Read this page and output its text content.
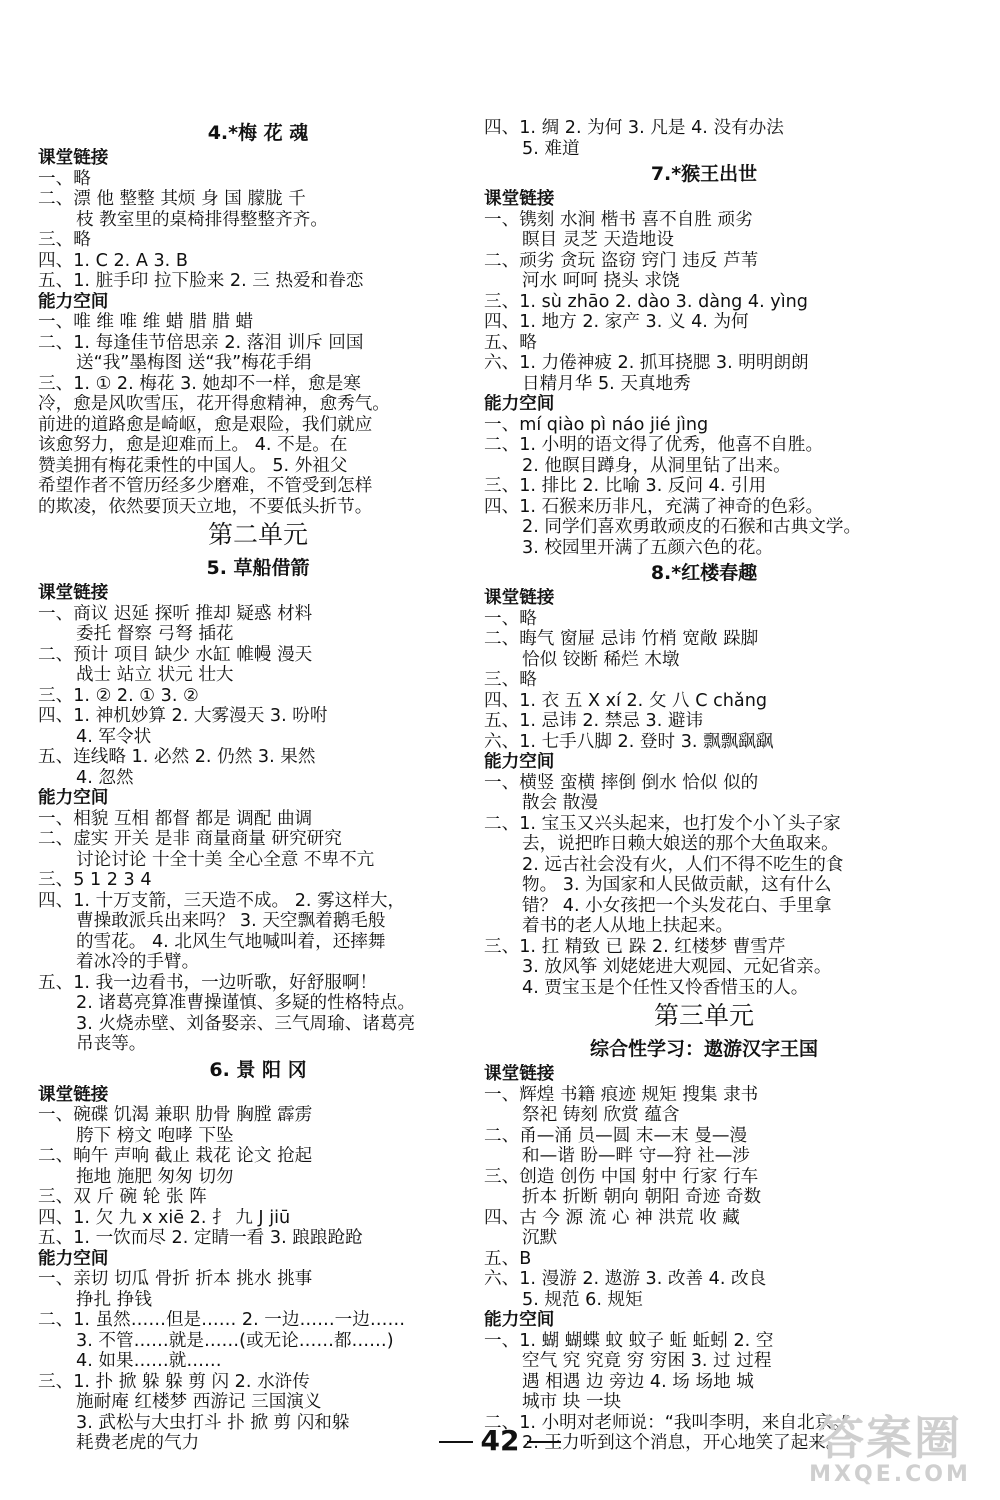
4.*梅 花 魂
课堂链接
一、略
二、漂 他 整整 其烦 身 国 朦胧 千
枝 教室里的桌椅排得整整齐齐。
三、略
四、1. C 2. A 3. B
五、1. 脏手印 拉下脸来 2. 三 热爱和眷恋
能力空间
一、唯 维 唯 维 蜡 腊 腊 蜡
二、1. 每逢佳节倍思亲 2. 落泪 训斥 回国
送“我”墨梅图 送“我”梅花手绢
三、1. ① 2. 梅花 3. 她却不一样，愈是寒
冷，愈是风吹雪压，花开得愈精神，愈秀气。
前进的道路愈是崎岖，愈是艰险，我们就应
该愈努力，愈是迎难而上。 4. 不是。在
赞美拥有梅花秉性的中国人。 5. 外祖父
希望作者不管历经多少磨难，不管受到怎样
的欺凌，依然要顶天立地，不要低头折节。
第二单元
5. 草船借箭
课堂链接
一、商议 迟延 探听 推却 疑惑 材料
委托 督察 弓弩 插花
二、预计 项目 缺少 水缸 帷幔 漫天
战士 站立 状元 壮大
三、1. ② 2. ① 3. ②
四、1. 神机妙算 2. 大雾漫天 3. 吩咐
4. 军令状
五、连线略 1. 必然 2. 仍然 3. 果然
4. 忽然
能力空间
一、相貌 互相 都督 都是 调配 曲调
二、虚实 开关 是非 商量商量 研究研究
讨论讨论 十全十美 全心全意 不卑不亢
三、5 1 2 3 4
四、1. 十万支箭，三天造不成。 2. 雾这样大，
曹操敢派兵出来吗？ 3. 天空飘着鹅毛般
的雪花。 4. 北风生气地喊叫着，还摔舞
着冰冷的手臂。
五、1. 我一边看书，一边听歌，好舒服啊！
2. 诸葛亮算准曹操谨慎、多疑的性格特点。
3. 火烧赤壁、刘备娶亲、三气周瑜、诸葛亮
吊丧等。
6. 景 阳 冈
课堂链接
一、碗碟 饥渴 兼职 肋骨 胸膛 霹雳
胯下 榜文 咆哮 下坠
二、晌午 声响 截止 栽花 论文 抢起
拖地 施肥 匆匆 切勿
三、双 斤 碗 轮 张 阵
四、1. 欠 九 x xiē 2. 扌 九 J jiū
五、1. 一饮而尽 2. 定睛一看 3. 踉踉跄跄
能力空间
一、亲切 切瓜 骨折 折本 挑水 挑事
挣扎 挣钱
二、1. 虽然……但是…… 2. 一边……一边……
3. 不管……就是……(或无论……都……)
4. 如果……就……
三、1. 扑 掀 躲 躲 剪 闪 2. 水浒传
施耐庵 红楼梦 西游记 三国演义
3. 武松与大虫打斗 扑 掀 剪 闪和躲
耗费老虎的气力
四、1. 绸 2. 为何 3. 凡是 4. 没有办法
5. 难道
7.*猴王出世
课堂链接
一、镌刻 水涧 楷书 喜不自胜 顽劣
瞑目 灵芝 天造地设
二、顽劣 贪玩 盗窃 窍门 违反 芦苇
河水 呵呵 挠头 求饶
三、1. sù zhāo 2. dào 3. dàng 4. yìng
四、1. 地方 2. 家产 3. 义 4. 为何
五、略
六、1. 力倦神疲 2. 抓耳挠腮 3. 明明朗朗
日精月华 5. 天真地秀
能力空间
一、mí qiào pì náo jié jìng
二、1. 小明的语文得了优秀，他喜不自胜。
2. 他瞑目蹲身，从洞里钻了出来。
三、1. 排比 2. 比喻 3. 反问 4. 引用
四、1. 石猴来历非凡，充满了神奇的色彩。
2. 同学们喜欢勇敢顽皮的石猴和古典文学。
3. 校园里开满了五颜六色的花。
8.*红楼春趣
课堂链接
一、略
二、晦气 窗屉 忌讳 竹梢 宽敞 跺脚
恰似 铰断 稀烂 木墩
三、略
四、1. 衣 五 X xí 2. 攵 八 C chǎng
五、1. 忌讳 2. 禁忌 3. 避讳
六、1. 七手八脚 2. 登时 3. 飘飘飖飖
能力空间
一、横竖 蛮横 摔倒 倒水 恰似 似的
散会 散漫
二、1. 宝玉又兴头起来，也打发个小丫头子家
去，说把昨日赖大娘送的那个大鱼取来。
2. 远古社会没有火，人们不得不吃生的食
物。 3. 为国家和人民做贡献，这有什么
错？ 4. 小女孩把一个头发花白、手里拿
着书的老人从地上扶起来。
三、1. 扛 精致 已 跺 2. 红楼梦 曹雪芹
3. 放风筝 刘姥姥进大观园、元妃省亲。
4. 贾宝玉是个任性又怜香惜玉的人。
第三单元
综合性学习：遨游汉字王国
课堂链接
一、辉煌 书籍 痕迹 规矩 搜集 隶书
祭祀 铸刻 欣赏 蕴含
二、甬—涌 员—圆 末—末 曼—漫
和—谐 盼—畔 守—狩 社—涉
三、创造 创伤 中国 射中 行家 行车
折本 折断 朝向 朝阳 奇迹 奇数
四、古 今 源 流 心 神 洪荒 收 藏
沉默
五、B
六、1. 漫游 2. 遨游 3. 改善 4. 改良
5. 规范 6. 规矩
能力空间
一、1. 蝴 蝴蝶 蚊 蚊子 蚯 蚯蚓 2. 空
空气 究 究竟 穷 穷困 3. 过 过程
遇 相遇 边 旁边 4. 场 场地 城
城市 块 一块
二、1. 小明对老师说：“我叫李明，来自北京。”
2. 王力听到这个消息，开心地笑了起来。
42	答案圈
MXQE.COM
